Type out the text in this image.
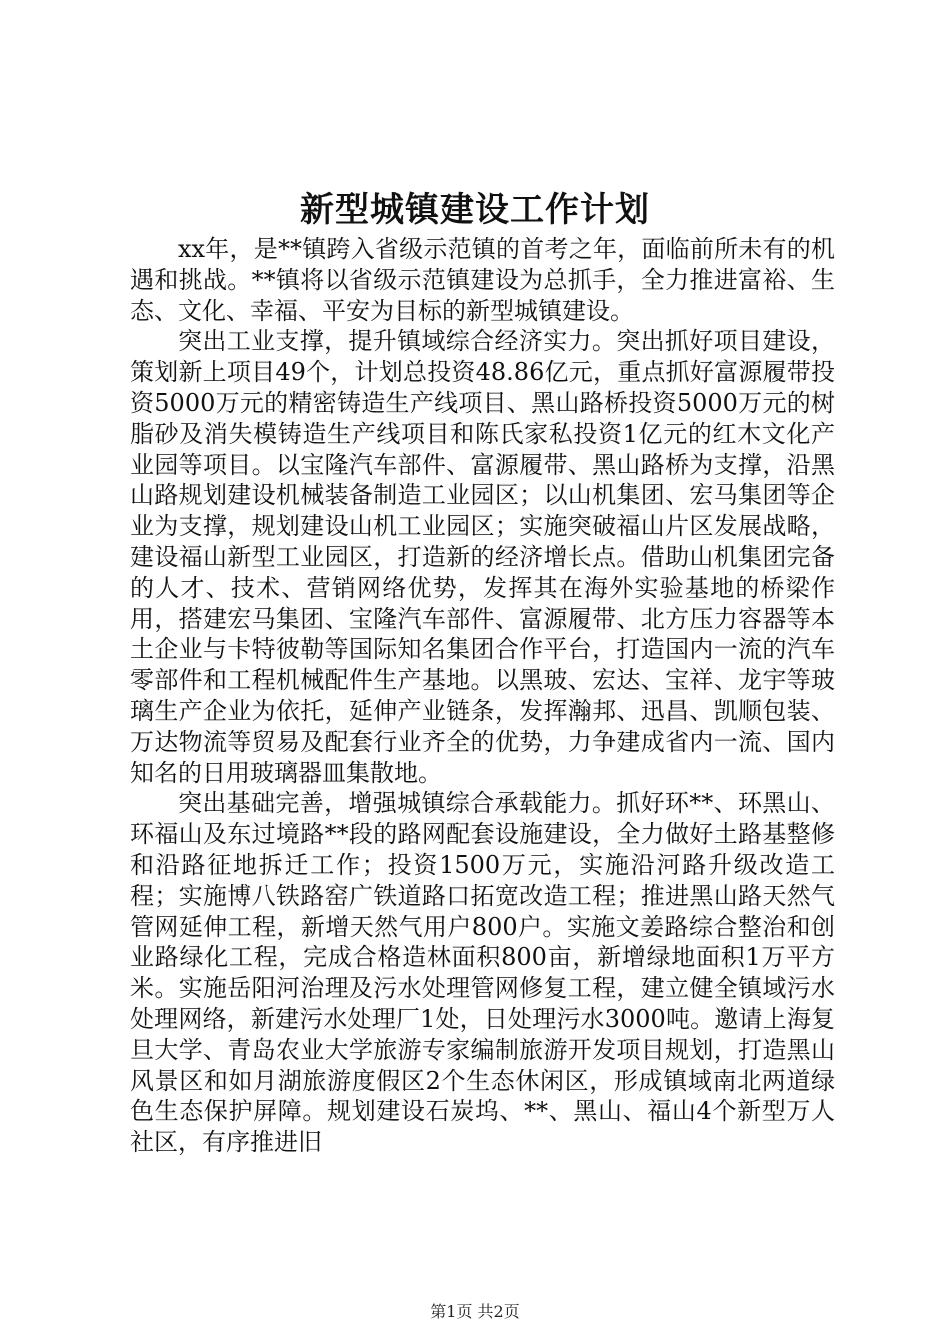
新型城镇建设工作计划

xx年，是**镇跨入省级示范镇的首考之年，面临前所未有的机遇和挑战。**镇将以省级示范镇建设为总抓手，全力推进富裕、生态、文化、幸福、平安为目标的新型城镇建设。

突出工业支撑，提升镇域综合经济实力。突出抓好项目建设，策划新上项目49个，计划总投资48.86亿元，重点抓好富源履带投资5000万元的精密铸造生产线项目、黑山路桥投资5000万元的树脂砂及消失模铸造生产线项目和陈氏家私投资1亿元的红木文化产业园等项目。以宝隆汽车部件、富源履带、黑山路桥为支撑，沿黑山路规划建设机械装备制造工业园区；以山机集团、宏马集团等企业为支撑，规划建设山机工业园区；实施突破福山片区发展战略，建设福山新型工业园区，打造新的经济增长点。借助山机集团完备的人才、技术、营销网络优势，发挥其在海外实验基地的桥梁作用，搭建宏马集团、宝隆汽车部件、富源履带、北方压力容器等本土企业与卡特彼勒等国际知名集团合作平台，打造国内一流的汽车零部件和工程机械配件生产基地。以黑玻、宏达、宝祥、龙宇等玻璃生产企业为依托，延伸产业链条，发挥瀚邦、迅昌、凯顺包装、万达物流等贸易及配套行业齐全的优势，力争建成省内一流、国内知名的日用玻璃器皿集散地。

突出基础完善，增强城镇综合承载能力。抓好环**、环黑山、环福山及东过境路**段的路网配套设施建设，全力做好土路基整修和沿路征地拆迁工作；投资1500万元，实施沿河路升级改造工程；实施博八铁路窑广铁道路口拓宽改造工程；推进黑山路天然气管网延伸工程，新增天然气用户800户。实施文姜路综合整治和创业路绿化工程，完成合格造林面积800亩，新增绿地面积1万平方米。实施岳阳河治理及污水处理管网修复工程，建立健全镇域污水处理网络，新建污水处理厂1处，日处理污水3000吨。邀请上海复旦大学、青岛农业大学旅游专家编制旅游开发项目规划，打造黑山风景区和如月湖旅游度假区2个生态休闲区，形成镇域南北两道绿色生态保护屏障。规划建设石炭坞、**、黑山、福山4个新型万人社区，有序推进旧

第1页 共2页
